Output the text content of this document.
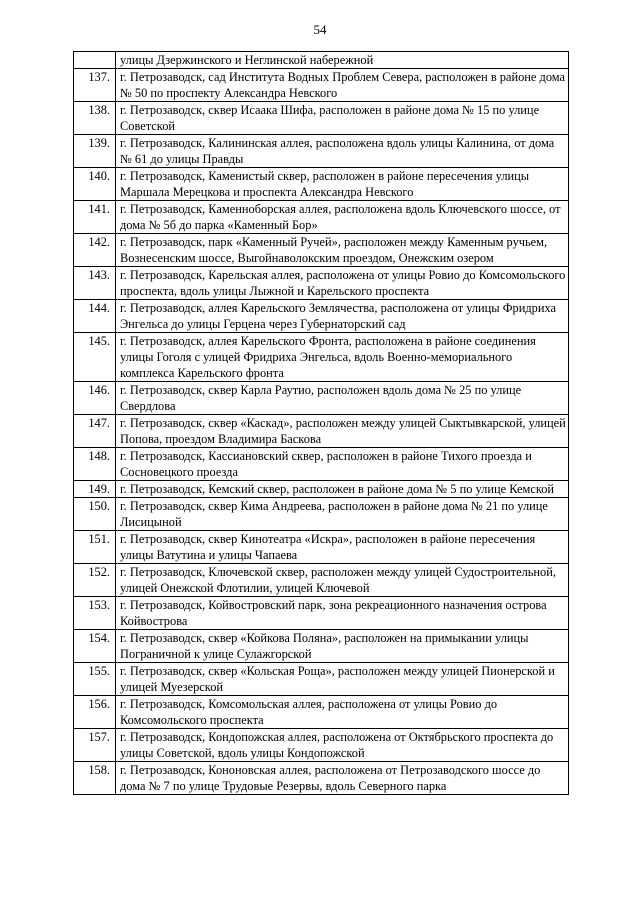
54
	улицы Дзержинского и Неглинской набережной
137.	г. Петрозаводск, сад Института Водных Проблем Севера, расположен в районе дома № 50 по проспекту Александра Невского
138.	г. Петрозаводск, сквер Исаака Шифа, расположен в районе дома № 15 по улице Советской
139.	г. Петрозаводск, Калининская аллея, расположена вдоль улицы Калинина, от дома № 61 до улицы Правды
140.	г. Петрозаводск, Каменистый сквер, расположен в районе пересечения улицы Маршала Мерецкова и проспекта Александра Невского
141.	г. Петрозаводск, Каменноборская аллея, расположена вдоль Ключевского шоссе, от дома № 5б до парка «Каменный Бор»
142.	г. Петрозаводск, парк «Каменный Ручей», расположен между Каменным ручьем, Вознесенским шоссе, Выгойнаволокским проездом, Онежским озером
143.	г. Петрозаводск, Карельская аллея, расположена от улицы Ровио до Комсомольского проспекта, вдоль улицы Лыжной и Карельского проспекта
144.	г. Петрозаводск, аллея Карельского Землячества, расположена от улицы Фридриха Энгельса до улицы Герцена через Губернаторский сад
145.	г. Петрозаводск, аллея Карельского Фронта, расположена в районе соединения улицы Гоголя с улицей Фридриха Энгельса, вдоль Военно-мемориального комплекса Карельского фронта
146.	г. Петрозаводск, сквер Карла Раутио, расположен вдоль дома № 25 по улице Свердлова
147.	г. Петрозаводск, сквер «Каскад», расположен между улицей Сыктывкарской, улицей Попова, проездом Владимира Баскова
148.	г. Петрозаводск, Кассиановский сквер, расположен в районе Тихого проезда и Сосновецкого проезда
149.	г. Петрозаводск, Кемский сквер, расположен в районе дома № 5 по улице Кемской
150.	г. Петрозаводск, сквер Кима Андреева, расположен в районе дома № 21 по улице Лисицыной
151.	г. Петрозаводск, сквер Кинотеатра «Искра», расположен в районе пересечения улицы Ватутина и улицы Чапаева
152.	г. Петрозаводск, Ключевской сквер, расположен между улицей Судостроительной, улицей Онежской Флотилии, улицей Ключевой
153.	г. Петрозаводск, Койвостровский парк, зона рекреационного назначения острова Койвострова
154.	г. Петрозаводск, сквер «Койкова Поляна», расположен на примыкании улицы Пограничной к улице Сулажгорской
155.	г. Петрозаводск, сквер «Кольская Роща», расположен между улицей Пионерской и улицей Муезерской
156.	г. Петрозаводск, Комсомольская аллея, расположена от улицы Ровио до Комсомольского проспекта
157.	г. Петрозаводск, Кондопожская аллея, расположена от Октябрьского проспекта до улицы Советской, вдоль улицы Кондопожской
158.	г. Петрозаводск, Кононовская аллея, расположена от Петрозаводского шоссе до дома № 7 по улице Трудовые Резервы, вдоль Северного парка
